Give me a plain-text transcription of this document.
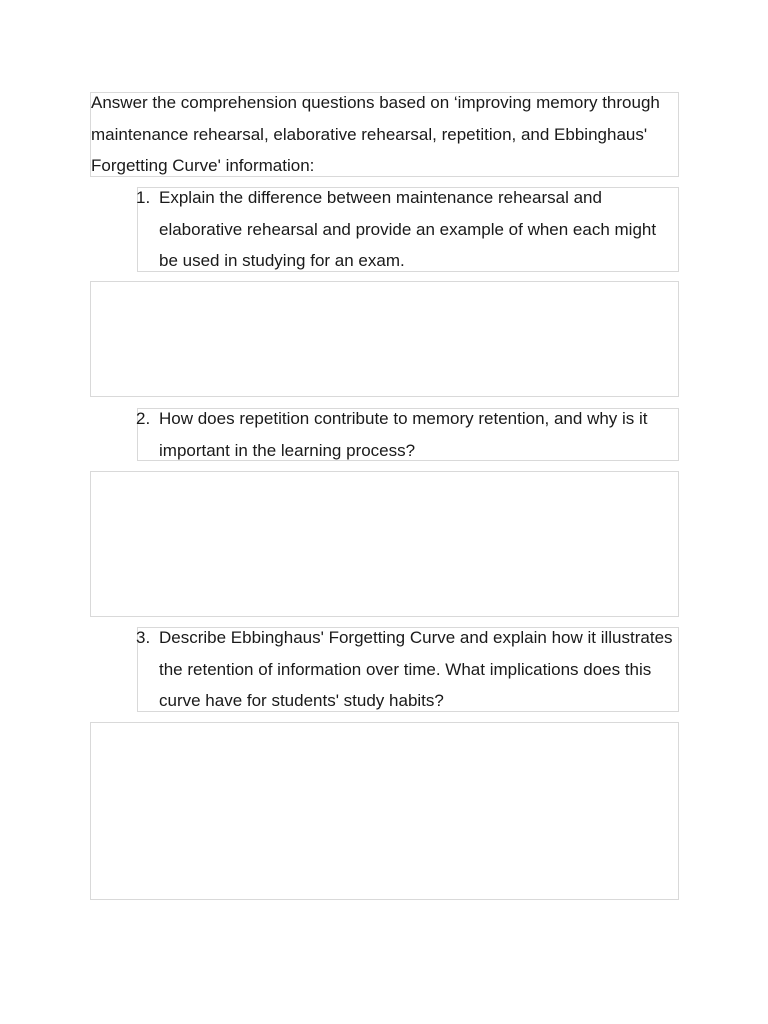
Answer the comprehension questions based on ‘improving memory through maintenance rehearsal, elaborative rehearsal, repetition, and Ebbinghaus' Forgetting Curve' information:
1. Explain the difference between maintenance rehearsal and elaborative rehearsal and provide an example of when each might be used in studying for an exam.
2. How does repetition contribute to memory retention, and why is it important in the learning process?
3. Describe Ebbinghaus' Forgetting Curve and explain how it illustrates the retention of information over time. What implications does this curve have for students' study habits?
